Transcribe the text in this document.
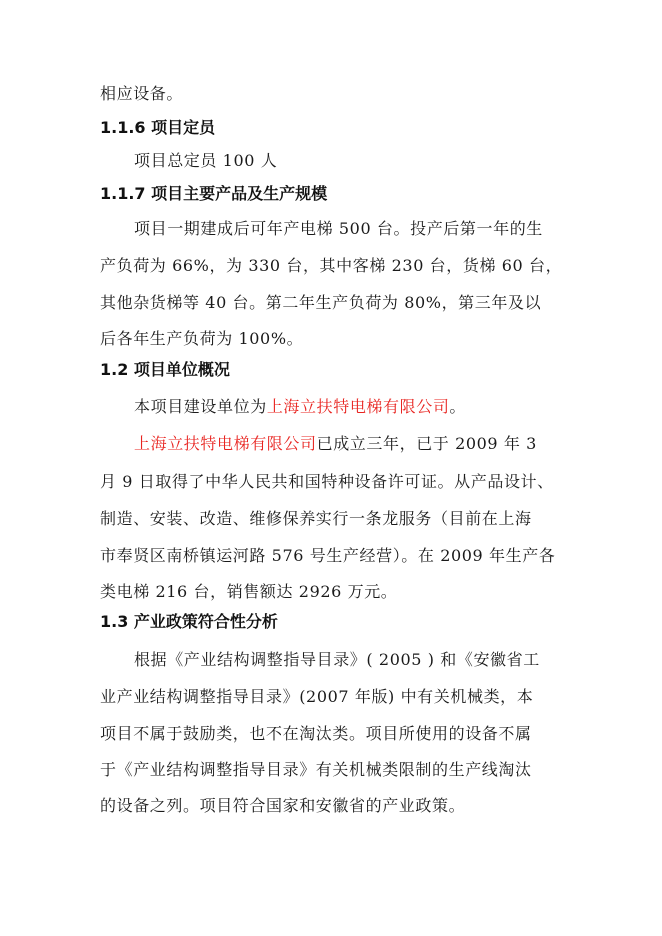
相应设备。
1.1.6 项目定员
项目总定员 100 人
1.1.7 项目主要产品及生产规模
项目一期建成后可年产电梯 500 台。投产后第一年的生
产负荷为 66%，为 330 台，其中客梯 230 台，货梯 60 台，
其他杂货梯等 40 台。第二年生产负荷为 80%，第三年及以
后各年生产负荷为 100%。
1.2 项目单位概况
本项目建设单位为上海立扶特电梯有限公司。
上海立扶特电梯有限公司已成立三年，已于 2009 年 3
月 9 日取得了中华人民共和国特种设备许可证。从产品设计、
制造、安装、改造、维修保养实行一条龙服务（目前在上海
市奉贤区南桥镇运河路 576 号生产经营）。在 2009 年生产各
类电梯 216 台，销售额达 2926 万元。
1.3 产业政策符合性分析
根据《产业结构调整指导目录》( 2005 ) 和《安徽省工
业产业结构调整指导目录》(2007 年版) 中有关机械类，本
项目不属于鼓励类，也不在淘汰类。项目所使用的设备不属
于《产业结构调整指导目录》有关机械类限制的生产线淘汰
的设备之列。项目符合国家和安徽省的产业政策。
